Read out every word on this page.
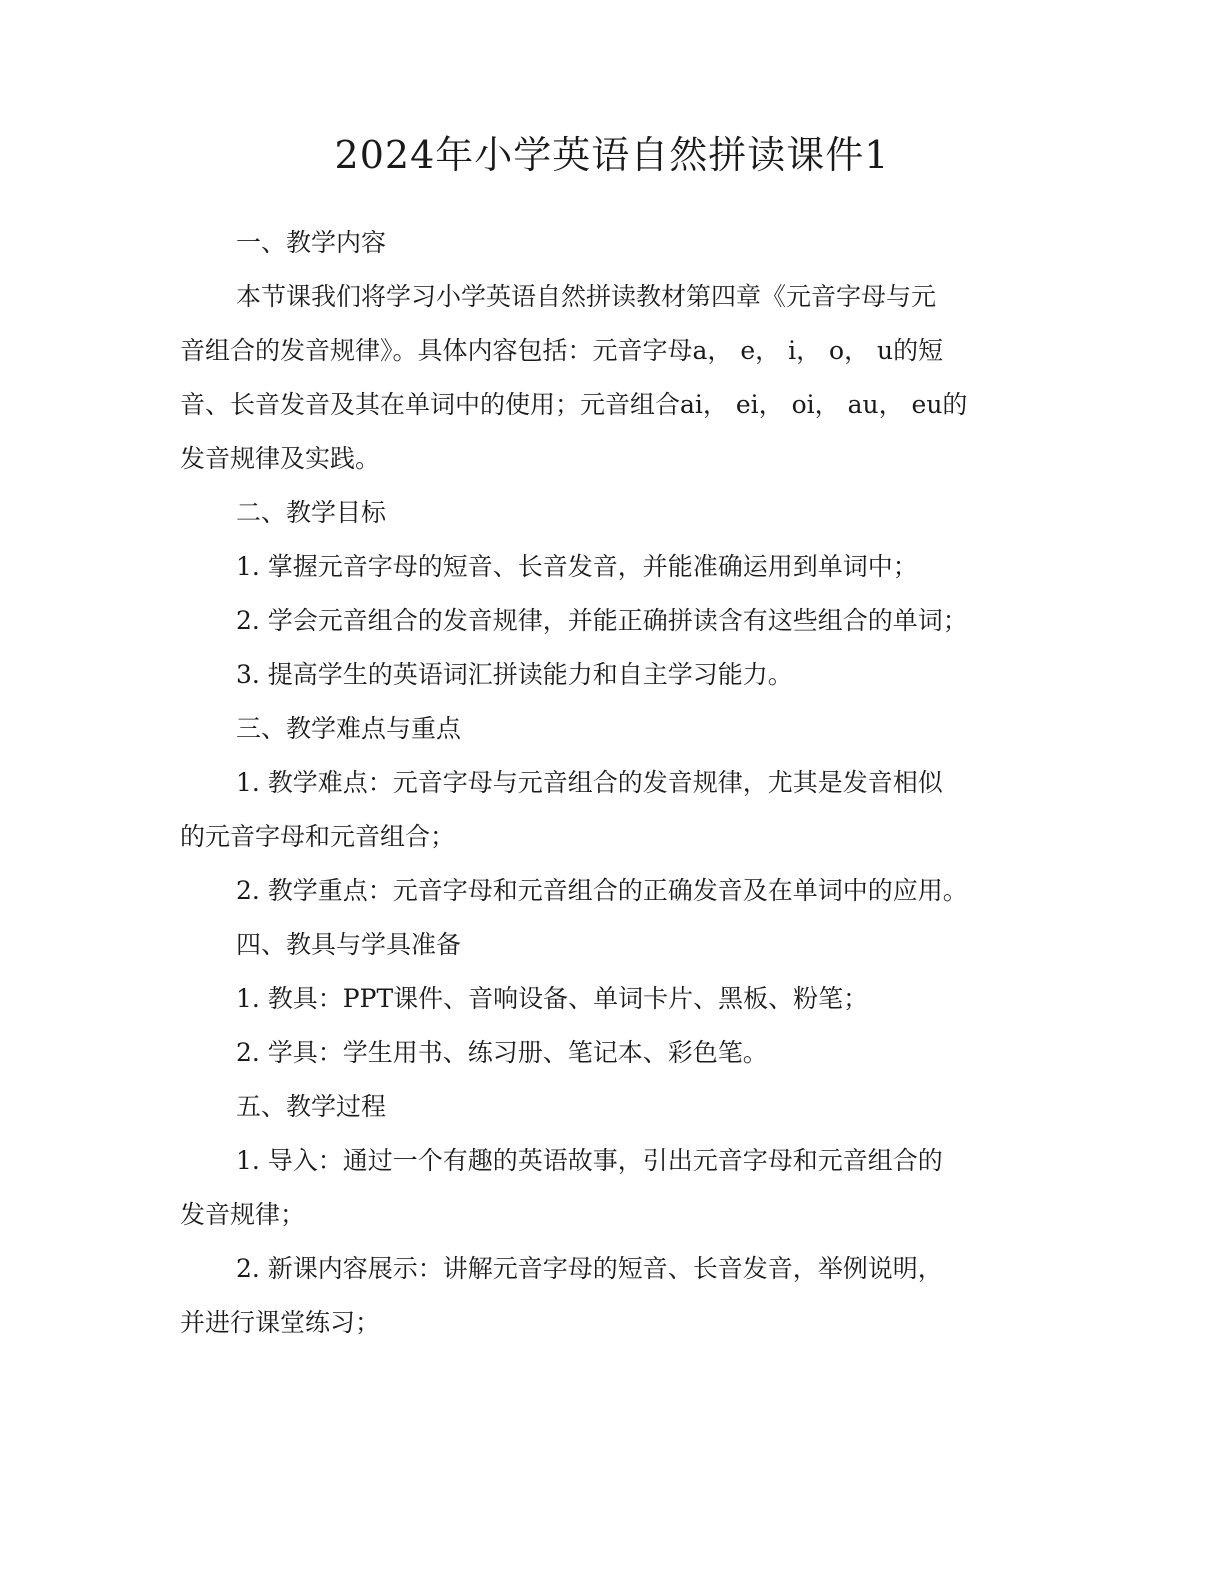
2024年小学英语自然拼读课件1
一、教学内容
本节课我们将学习小学英语自然拼读教材第四章《元音字母与元
音组合的发音规律》。具体内容包括：元音字母a， e， i， o， u的短
音、长音发音及其在单词中的使用；元音组合ai， ei， oi， au， eu的
发音规律及实践。
二、教学目标
1. 掌握元音字母的短音、长音发音，并能准确运用到单词中；
2. 学会元音组合的发音规律，并能正确拼读含有这些组合的单词；
3. 提高学生的英语词汇拼读能力和自主学习能力。
三、教学难点与重点
1. 教学难点：元音字母与元音组合的发音规律，尤其是发音相似
的元音字母和元音组合；
2. 教学重点：元音字母和元音组合的正确发音及在单词中的应用。
四、教具与学具准备
1. 教具：PPT课件、音响设备、单词卡片、黑板、粉笔；
2. 学具：学生用书、练习册、笔记本、彩色笔。
五、教学过程
1. 导入：通过一个有趣的英语故事，引出元音字母和元音组合的
发音规律；
2. 新课内容展示：讲解元音字母的短音、长音发音，举例说明，
并进行课堂练习；
